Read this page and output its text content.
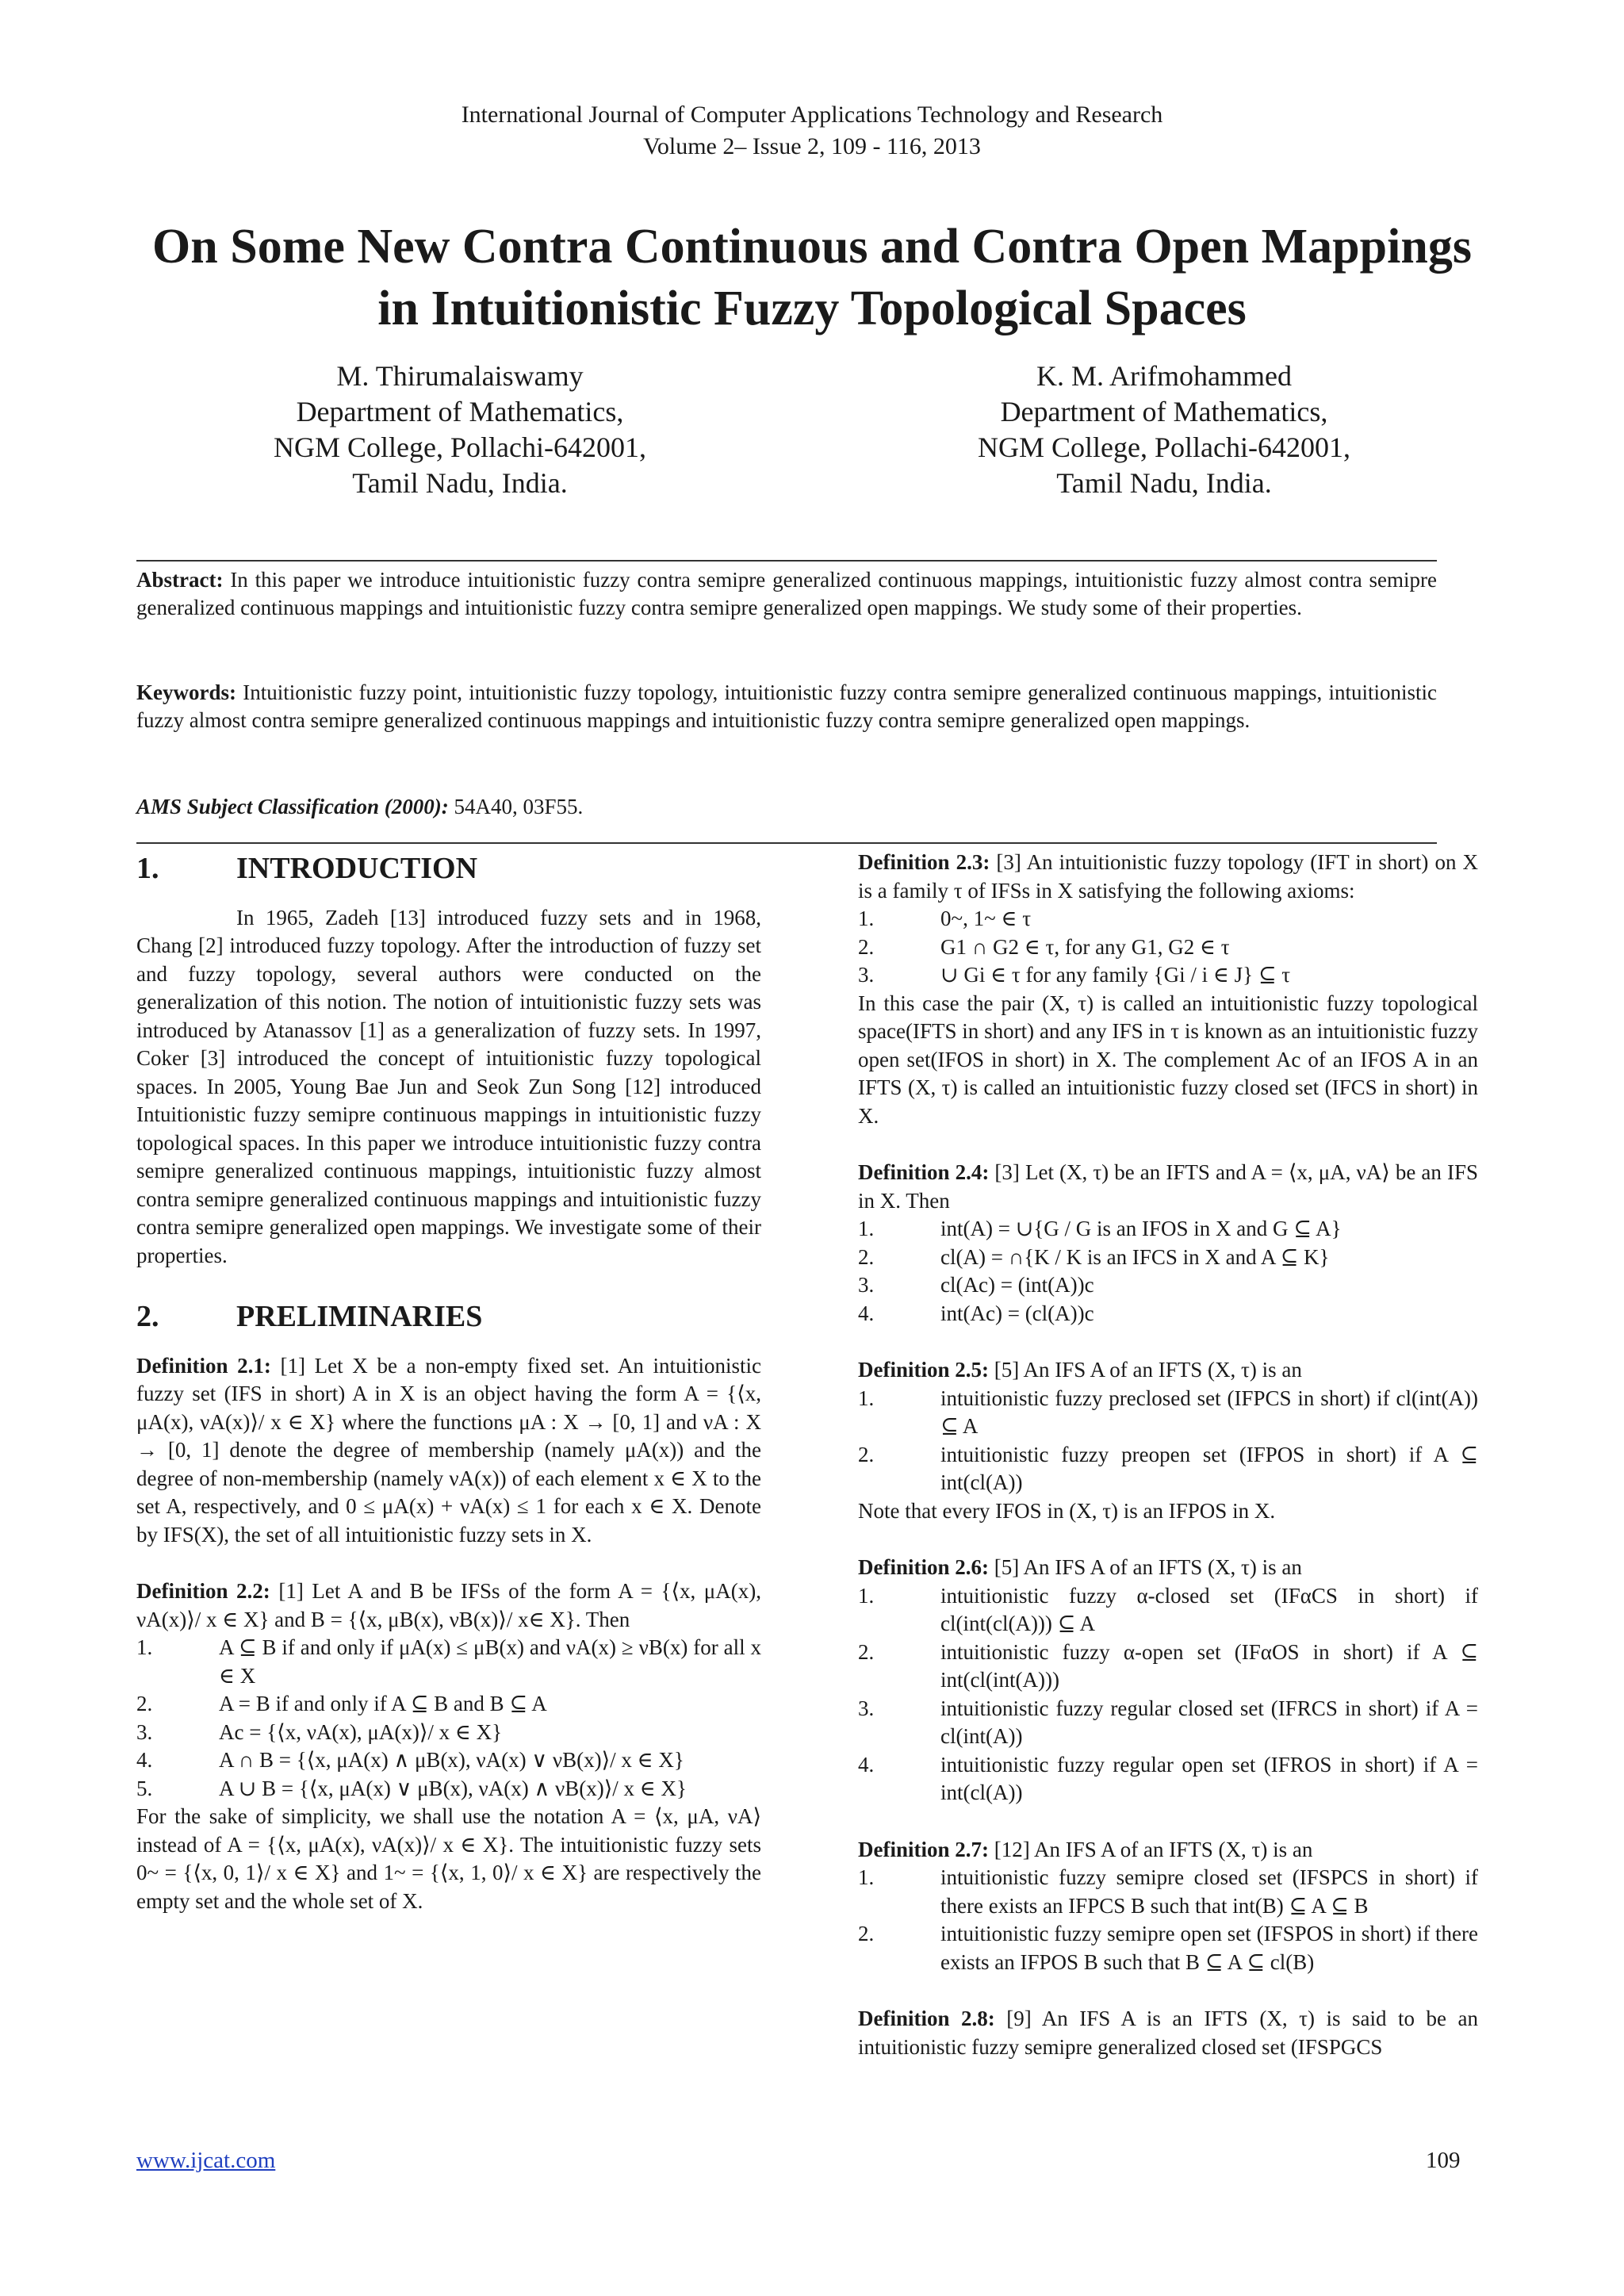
International Journal of Computer Applications Technology and Research
Volume 2– Issue 2, 109 - 116, 2013
On Some New Contra Continuous and Contra Open Mappings
in Intuitionistic Fuzzy Topological Spaces
M. Thirumalaiswamy
Department of Mathematics,
NGM College, Pollachi-642001,
Tamil Nadu, India.
K. M. Arifmohammed
Department of Mathematics,
NGM College, Pollachi-642001,
Tamil Nadu, India.
Abstract: In this paper we introduce intuitionistic fuzzy contra semipre generalized continuous mappings, intuitionistic fuzzy almost contra semipre generalized continuous mappings and intuitionistic fuzzy contra semipre generalized open mappings. We study some of their properties.
Keywords: Intuitionistic fuzzy point, intuitionistic fuzzy topology, intuitionistic fuzzy contra semipre generalized continuous mappings, intuitionistic fuzzy almost contra semipre generalized continuous mappings and intuitionistic fuzzy contra semipre generalized open mappings.
AMS Subject Classification (2000): 54A40, 03F55.
1.	INTRODUCTION

In 1965, Zadeh [13] introduced fuzzy sets and in 1968, Chang [2] introduced fuzzy topology. After the introduction of fuzzy set and fuzzy topology, several authors were conducted on the generalization of this notion. The notion of intuitionistic fuzzy sets was introduced by Atanassov [1] as a generalization of fuzzy sets. In 1997, Coker [3] introduced the concept of intuitionistic fuzzy topological spaces. In 2005, Young Bae Jun and Seok Zun Song [12] introduced Intuitionistic fuzzy semipre continuous mappings in intuitionistic fuzzy topological spaces. In this paper we introduce intuitionistic fuzzy contra semipre generalized continuous mappings, intuitionistic fuzzy almost contra semipre generalized continuous mappings and intuitionistic fuzzy contra semipre generalized open mappings. We investigate some of their properties.

2.	PRELIMINARIES

Definition 2.1: [1] Let X be a non-empty fixed set. An intuitionistic fuzzy set (IFS in short) A in X is an object having the form A = {⟨x, μA(x), νA(x)⟩/ x ∈ X} where the functions μA : X → [0, 1] and νA : X → [0, 1] denote the degree of membership (namely μA(x)) and the degree of non-membership (namely νA(x)) of each element x ∈ X to the set A, respectively, and 0 ≤ μA(x) + νA(x) ≤ 1 for each x ∈ X. Denote by IFS(X), the set of all intuitionistic fuzzy sets in X.

Definition 2.2: [1] Let A and B be IFSs of the form A = {⟨x, μA(x), νA(x)⟩/ x ∈ X} and B = {⟨x, μB(x), νB(x)⟩/ x∈ X}. Then

1.	A ⊆ B if and only if μA(x) ≤ μB(x) and νA(x) ≥ νB(x) for all x ∈ X
2.	A = B if and only if A ⊆ B and B ⊆ A
3.	Ac = {⟨x, νA(x), μA(x)⟩/ x ∈ X}
4.	A ∩ B = {⟨x, μA(x) ∧ μB(x), νA(x) ∨ νB(x)⟩/ x ∈ X}
5.	A ∪ B = {⟨x, μA(x) ∨ μB(x), νA(x) ∧ νB(x)⟩/ x ∈ X}

For the sake of simplicity, we shall use the notation A = ⟨x, μA, νA⟩ instead of A = {⟨x, μA(x), νA(x)⟩/ x ∈ X}. The intuitionistic fuzzy sets 0~ = {⟨x, 0, 1⟩/ x ∈ X} and 1~ = {⟨x, 1, 0⟩/ x ∈ X} are respectively the empty set and the whole set of X.

Definition 2.3: [3] An intuitionistic fuzzy topology (IFT in short) on X is a family τ of IFSs in X satisfying the following axioms:

1.	0~, 1~ ∈ τ
2.	G1 ∩ G2 ∈ τ, for any G1, G2 ∈ τ
3.	∪ Gi ∈ τ for any family {Gi / i ∈ J} ⊆ τ

In this case the pair (X, τ) is called an intuitionistic fuzzy topological space(IFTS in short) and any IFS in τ is known as an intuitionistic fuzzy open set(IFOS in short) in X. The complement Ac of an IFOS A in an IFTS (X, τ) is called an intuitionistic fuzzy closed set (IFCS in short) in X.

Definition 2.4: [3] Let (X, τ) be an IFTS and A = ⟨x, μA, νA⟩ be an IFS in X. Then

1.	int(A) = ∪{G / G is an IFOS in X and G ⊆ A}
2.	cl(A) = ∩{K / K is an IFCS in X and A ⊆ K}
3.	cl(Ac) = (int(A))c
4.	int(Ac) = (cl(A))c

Definition 2.5: [5] An IFS A of an IFTS (X, τ) is an

1.	intuitionistic fuzzy preclosed set (IFPCS in short) if cl(int(A)) ⊆ A
2.	intuitionistic fuzzy preopen set (IFPOS in short) if A ⊆ int(cl(A))

Note that every IFOS in (X, τ) is an IFPOS in X.

Definition 2.6: [5] An IFS A of an IFTS (X, τ) is an

1.	intuitionistic fuzzy α-closed set (IFαCS in short) if cl(int(cl(A))) ⊆ A
2.	intuitionistic fuzzy α-open set (IFαOS in short) if A ⊆ int(cl(int(A)))
3.	intuitionistic fuzzy regular closed set (IFRCS in short) if A = cl(int(A))
4.	intuitionistic fuzzy regular open set (IFROS in short) if A = int(cl(A))

Definition 2.7: [12] An IFS A of an IFTS (X, τ) is an

1.	intuitionistic fuzzy semipre closed set (IFSPCS in short) if there exists an IFPCS B such that int(B) ⊆ A ⊆ B
2.	intuitionistic fuzzy semipre open set (IFSPOS in short) if there exists an IFPOS B such that B ⊆ A ⊆ cl(B)

Definition 2.8: [9] An IFS A is an IFTS (X, τ) is said to be an intuitionistic fuzzy semipre generalized closed set (IFSPGCS

www.ijcat.com	109
